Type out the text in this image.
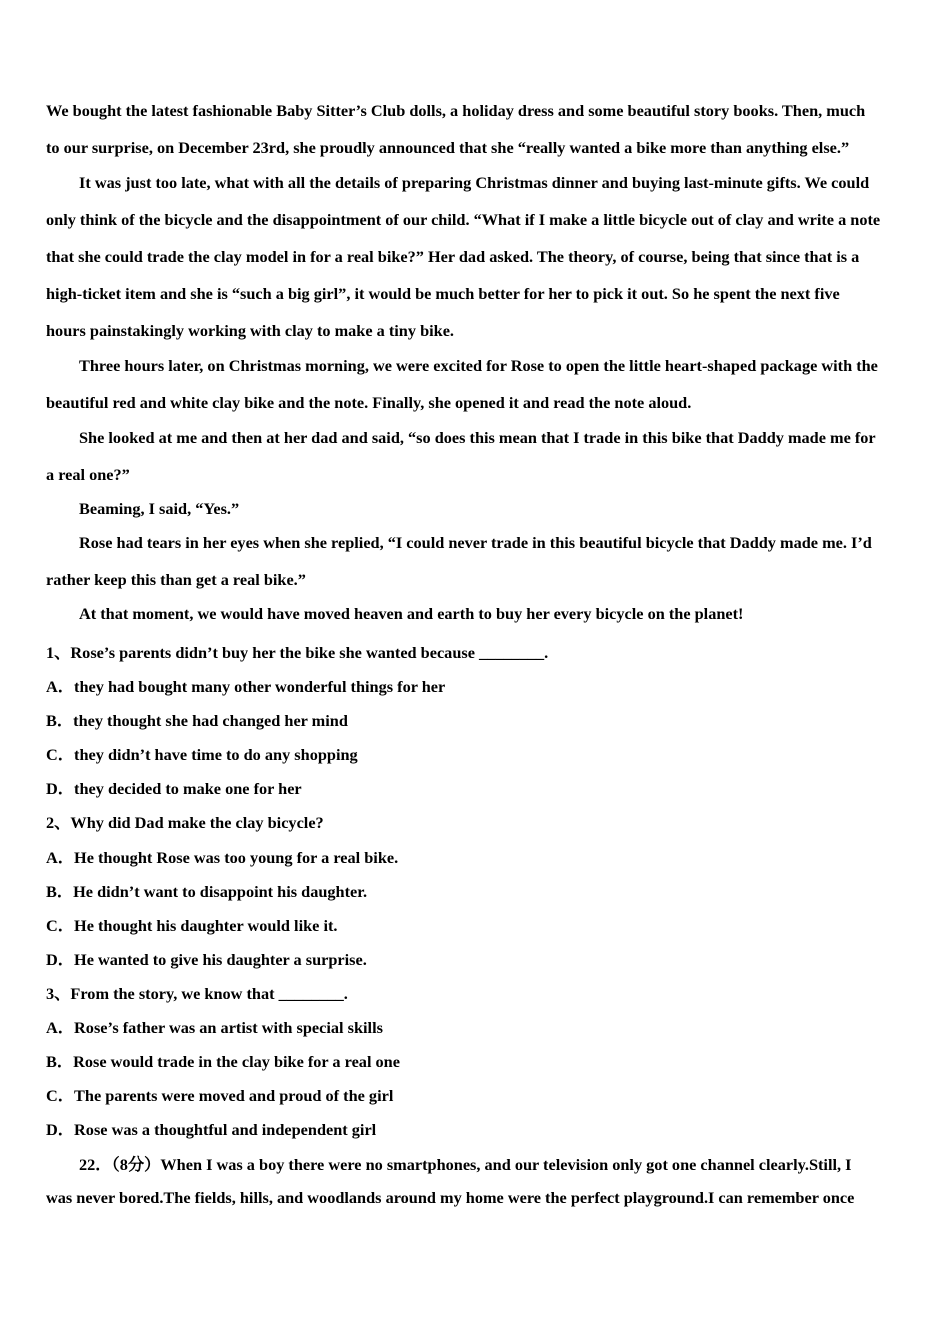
We bought the latest fashionable Baby Sitter’s Club dolls, a holiday dress and some beautiful story books. Then, much
to our surprise, on December 23rd, she proudly announced that she “really wanted a bike more than anything else.”
It was just too late, what with all the details of preparing Christmas dinner and buying last-minute gifts. We could
only think of the bicycle and the disappointment of our child. “What if I make a little bicycle out of clay and write a note
that she could trade the clay model in for a real bike?” Her dad asked. The theory, of course, being that since that is a
high-ticket item and she is “such a big girl”, it would be much better for her to pick it out. So he spent the next five
hours painstakingly working with clay to make a tiny bike.
Three hours later, on Christmas morning, we were excited for Rose to open the little heart-shaped package with the
beautiful red and white clay bike and the note. Finally, she opened it and read the note aloud.
She looked at me and then at her dad and said, “so does this mean that I trade in this bike that Daddy made me for
a real one?”
Beaming, I said, “Yes.”
Rose had tears in her eyes when she replied, “I could never trade in this beautiful bicycle that Daddy made me. I’d
rather keep this than get a real bike.”
At that moment, we would have moved heaven and earth to buy her every bicycle on the planet!
1、Rose’s parents didn’t buy her the bike she wanted because ________.
A．they had bought many other wonderful things for her
B．they thought she had changed her mind
C．they didn’t have time to do any shopping
D．they decided to make one for her
2、Why did Dad make the clay bicycle?
A．He thought Rose was too young for a real bike.
B．He didn’t want to disappoint his daughter.
C．He thought his daughter would like it.
D．He wanted to give his daughter a surprise.
3、From the story, we know that ________.
A．Rose’s father was an artist with special skills
B．Rose would trade in the clay bike for a real one
C．The parents were moved and proud of the girl
D．Rose was a thoughtful and independent girl
22．（8分）When I was a boy there were no smartphones, and our television only got one channel clearly.Still, I
was never bored.The fields, hills, and woodlands around my home were the perfect playground.I can remember once
